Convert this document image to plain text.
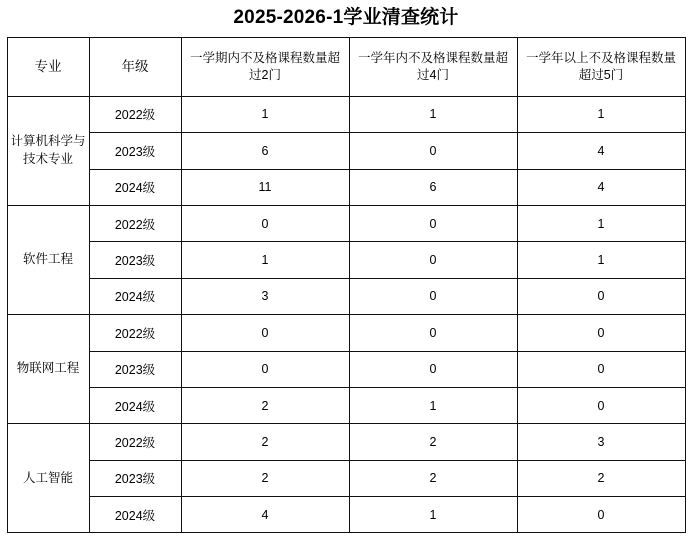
2025-2026-1学业清查统计
专业	年级	一学期内不及格课程数量超过2门	一学年内不及格课程数量超过4门	一学年以上不及格课程数量超过5门

计算机科学与技术专业	2022级	1	1	1
	2023级	6	0	4
	2024级	11	6	4
软件工程	2022级	0	0	1
	2023级	1	0	1
	2024级	3	0	0
物联网工程	2022级	0	0	0
	2023级	0	0	0
	2024级	2	1	0
人工智能	2022级	2	2	3
	2023级	2	2	2
	2024级	4	1	0
